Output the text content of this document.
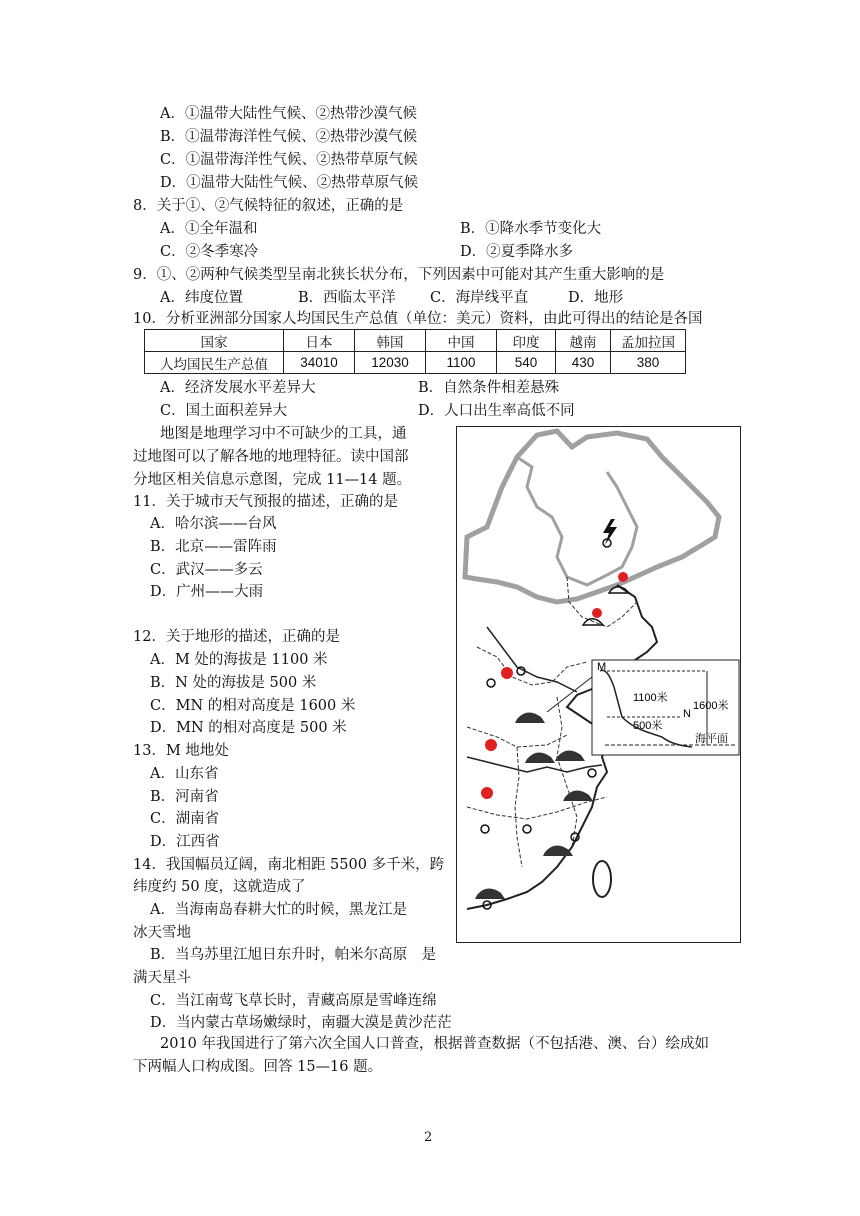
A．①温带大陆性气候、②热带沙漠气候
B．①温带海洋性气候、②热带沙漠气候
C．①温带海洋性气候、②热带草原气候
D．①温带大陆性气候、②热带草原气候
8．关于①、②气候特征的叙述，正确的是
A．①全年温和	B．①降水季节变化大
C．②冬季寒冷	D．②夏季降水多
9．①、②两种气候类型呈南北狭长状分布，下列因素中可能对其产生重大影响的是
A．纬度位置	B．西临太平洋 C．海岸线平直	D．地形
10．分析亚洲部分国家人均国民生产总值（单位：美元）资料，由此可得出的结论是各国
国家	日本	韩国	中国	印度	越南	孟加拉国
人均国民生产总值	34010	12030	1100	540	430	380
A．经济发展水平差异大	B．自然条件相差悬殊
C．国土面积差异大	D．人口出生率高低不同
地图是地理学习中不可缺少的工具，通
过地图可以了解各地的地理特征。读中国部
分地区相关信息示意图，完成 11—14 题。
11．关于城市天气预报的描述，正确的是
A．哈尔滨——台风
B．北京——雷阵雨
C．武汉——多云
D．广州——大雨
12．关于地形的描述，正确的是
A．M 处的海拔是 1100 米
B．N 处的海拔是 500 米
C．MN 的相对高度是 1600 米
D．MN 的相对高度是 500 米
13．M 地地处
A．山东省
B．河南省
C．湖南省
D．江西省
14．我国幅员辽阔，南北相距 5500 多千米，跨
纬度约 50 度，这就造成了
A．当海南岛春耕大忙的时候，黑龙江是
冰天雪地
B．当乌苏里江旭日东升时，帕米尔高原　是
满天星斗
C．当江南莺飞草长时，青藏高原是雪峰连绵
D．当内蒙古草场嫩绿时，南疆大漠是黄沙茫茫
2010 年我国进行了第六次全国人口普查，根据普查数据（不包括港、澳、台）绘成如
下两幅人口构成图。回答 15—16 题。
M
N
1100米
500米
1600米
海平面
2
